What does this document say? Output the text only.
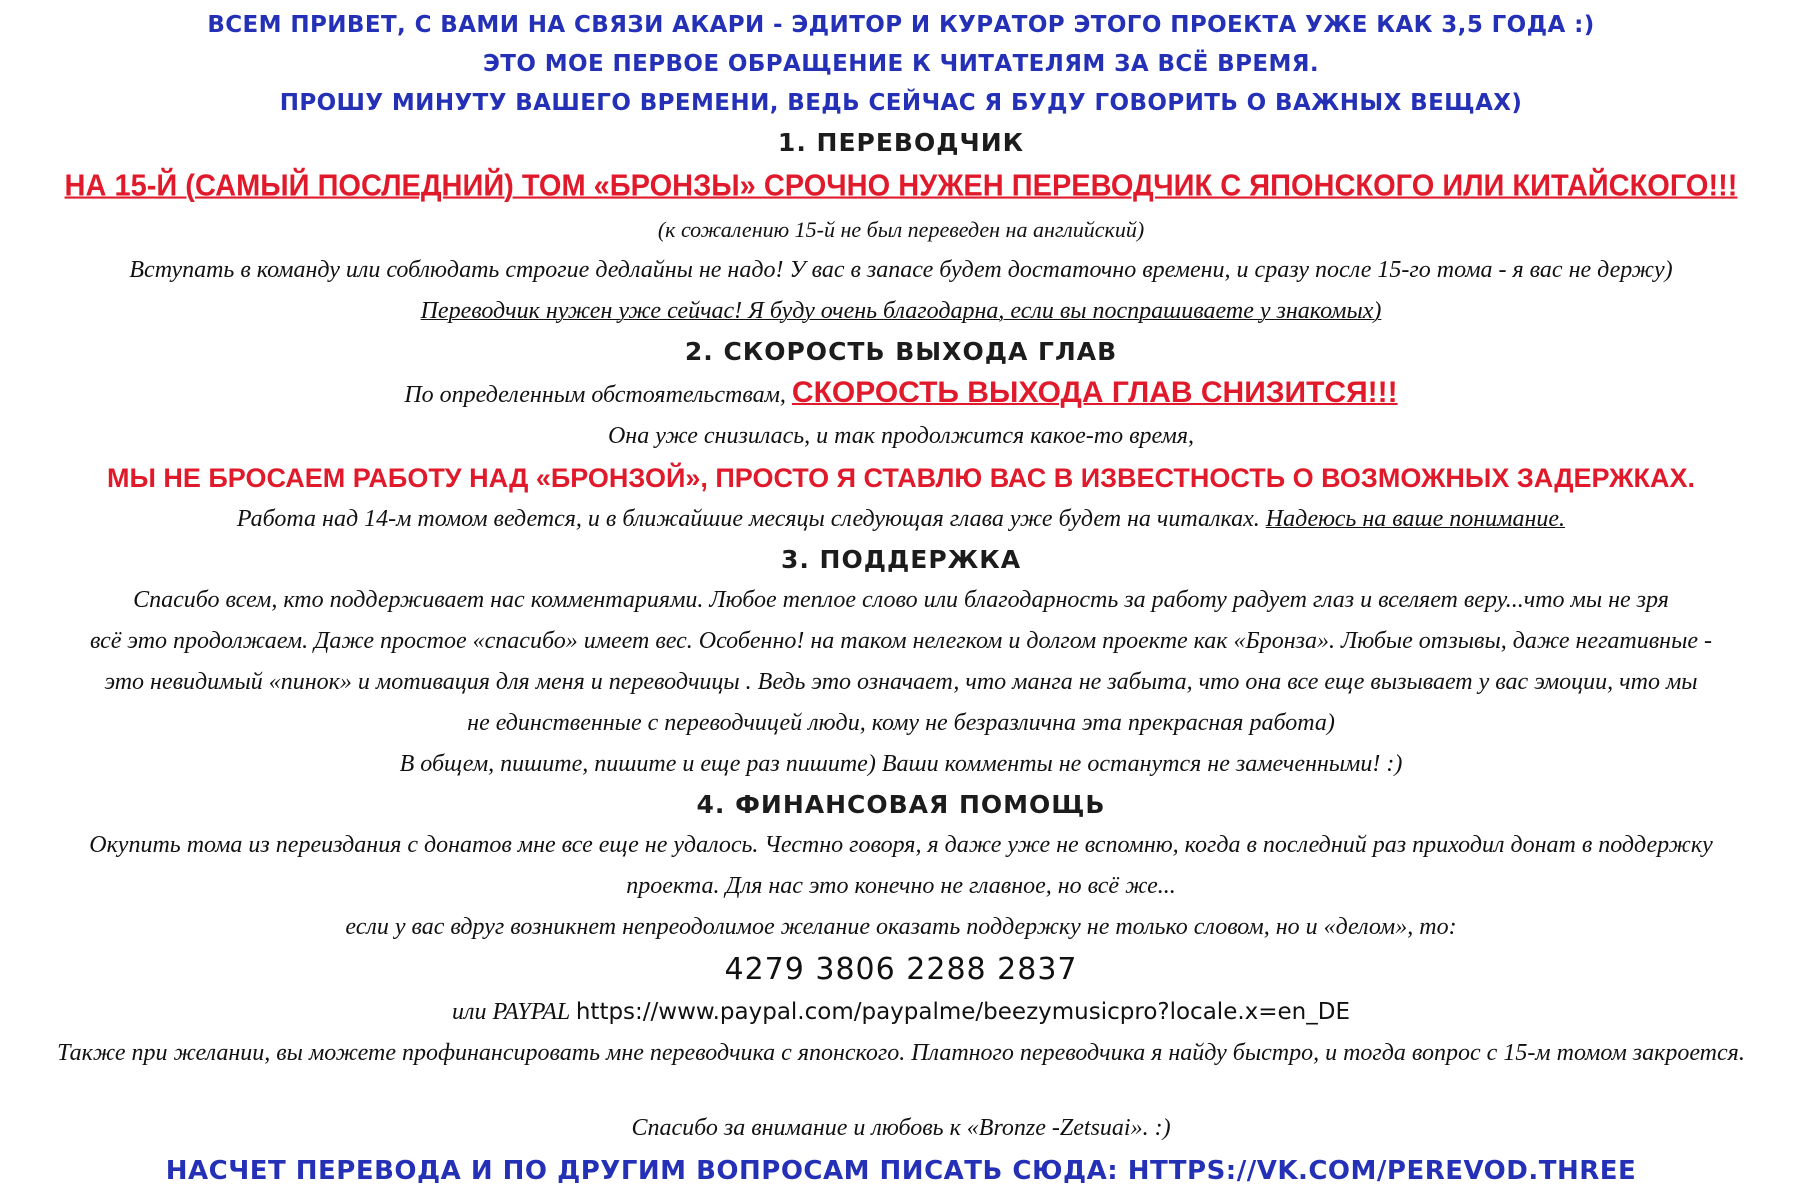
ВСЕМ ПРИВЕТ, С ВАМИ НА СВЯЗИ АКАРИ - ЭДИТОР И КУРАТОР ЭТОГО ПРОЕКТА УЖЕ КАК 3,5 ГОДА :)
ЭТО МОЕ ПЕРВОЕ ОБРАЩЕНИЕ К ЧИТАТЕЛЯМ ЗА ВСЁ ВРЕМЯ.
ПРОШУ МИНУТУ ВАШЕГО ВРЕМЕНИ, ВЕДЬ СЕЙЧАС Я БУДУ ГОВОРИТЬ О ВАЖНЫХ ВЕЩАХ)
1. ПЕРЕВОДЧИК
НА 15-Й (САМЫЙ ПОСЛЕДНИЙ) ТОМ «БРОНЗЫ» СРОЧНО НУЖЕН ПЕРЕВОДЧИК С ЯПОНСКОГО ИЛИ КИТАЙСКОГО!!!
(к сожалению 15-й не был переведен на английский)
Вступать в команду или соблюдать строгие дедлайны не надо! У вас в запасе будет достаточно времени, и сразу после 15-го тома - я вас не держу)
Переводчик нужен уже сейчас! Я буду очень благодарна, если вы поспрашиваете у знакомых)
2. СКОРОСТЬ ВЫХОДА ГЛАВ
По определенным обстоятельствам, СКОРОСТЬ ВЫХОДА ГЛАВ СНИЗИТСЯ!!!
Она уже снизилась, и так продолжится какое-то время,
МЫ НЕ БРОСАЕМ РАБОТУ НАД «БРОНЗОЙ», ПРОСТО Я СТАВЛЮ ВАС В ИЗВЕСТНОСТЬ О ВОЗМОЖНЫХ ЗАДЕРЖКАХ.
Работа над 14-м томом ведется, и в ближайшие месяцы следующая глава уже будет на читалках. Надеюсь на ваше понимание.
3. ПОДДЕРЖКА
Спасибо всем, кто поддерживает нас комментариями. Любое теплое слово или благодарность за работу радует глаз и вселяет веру...что мы не зря
всё это продолжаем. Даже простое «спасибо» имеет вес. Особенно! на таком нелегком и долгом проекте как «Бронза». Любые отзывы, даже негативные -
это невидимый «пинок» и мотивация для меня и переводчицы . Ведь это означает, что манга не забыта, что она все еще вызывает у вас эмоции, что мы
не единственные с переводчицей люди, кому не безразлична эта прекрасная работа)
В общем, пишите, пишите и еще раз пишите) Ваши комменты не останутся не замеченными! :)
4. ФИНАНСОВАЯ ПОМОЩЬ
Окупить тома из переиздания с донатов мне все еще не удалось. Честно говоря, я даже уже не вспомню, когда в последний раз приходил донат в поддержку
проекта. Для нас это конечно не главное, но всё же...
если у вас вдруг возникнет непреодолимое желание оказать поддержку не только словом, но и «делом», то:
4279 3806 2288 2837
или PAYPAL https://www.paypal.com/paypalme/beezymusicpro?locale.x=en_DE
Также при желании, вы можете профинансировать мне переводчика с японского. Платного переводчика я найду быстро, и тогда вопрос с 15-м томом закроется.
Спасибо за внимание и любовь к «Bronze -Zetsuai». :)
НАСЧЕТ ПЕРЕВОДА И ПО ДРУГИМ ВОПРОСАМ ПИСАТЬ СЮДА: HTTPS://VK.COM/PEREVOD.THREE
